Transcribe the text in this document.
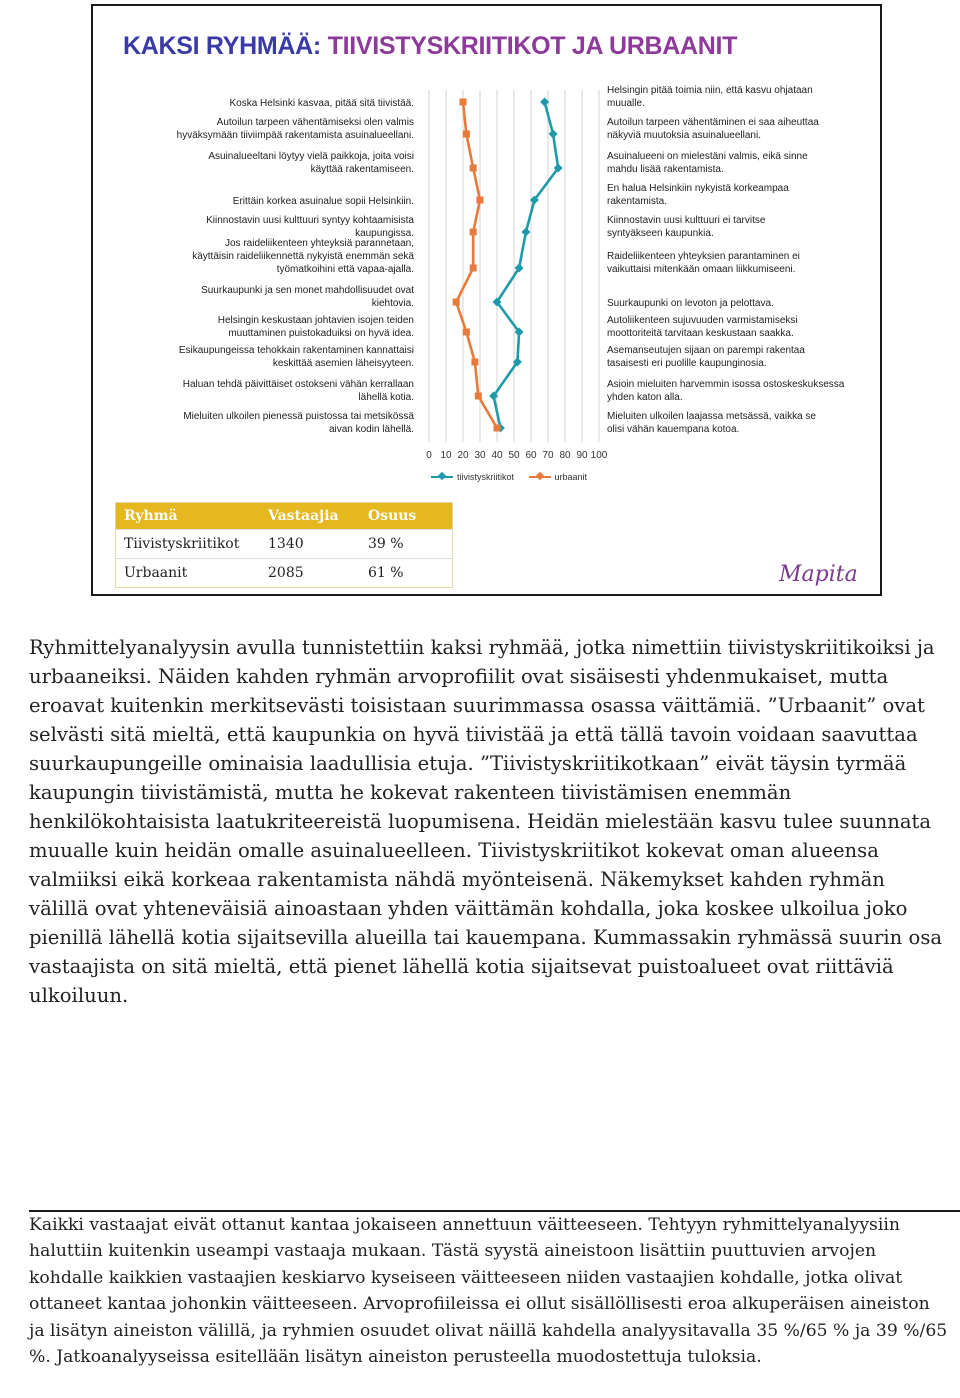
KAKSI RYHMÄÄ: TIIVISTYSKRIITIKOT JA URBAANIT
0 10 20 30 40 50 60 70 80 90 100
Koska Helsinki kasvaa, pitää sitä tiivistää.
Autoilun tarpeen vähentämiseksi olen valmis
hyväksymään tiiviimpää rakentamista asuinalueellani.
Asuinalueeltani löytyy vielä paikkoja, joita voisi
käyttää rakentamiseen.
Erittäin korkea asuinalue sopii Helsinkiin.
Kiinnostavin uusi kulttuuri syntyy kohtaamisista
kaupungissa.
Jos raideliikenteen yhteyksiä parannetaan,
käyttäisin raideliikennettä nykyistä enemmän sekä
työmatkoihini että vapaa-ajalla.
Suurkaupunki ja sen monet mahdollisuudet ovat
kiehtovia.
Helsingin keskustaan johtavien isojen teiden
muuttaminen puistokaduiksi on hyvä idea.
Esikaupungeissa tehokkain rakentaminen kannattaisi
keskittää asemien läheisyyteen.
Haluan tehdä päivittäiset ostokseni vähän kerrallaan
lähellä kotia.
Mieluiten ulkoilen pienessä puistossa tai metsikössä
aivan kodin lähellä.
Helsingin pitää toimia niin, että kasvu ohjataan
muualle.
Autoilun tarpeen vähentäminen ei saa aiheuttaa
näkyviä muutoksia asuinalueellani.
Asuinalueeni on mielestäni valmis, eikä sinne
mahdu lisää rakentamista.
En halua Helsinkiin nykyistä korkeampaa
rakentamista.
Kiinnostavin uusi kulttuuri ei tarvitse
syntyäkseen kaupunkia.
Raideliikenteen yhteyksien parantaminen ei
vaikuttaisi mitenkään omaan liikkumiseeni.
Suurkaupunki on levoton ja pelottava.
Autoliikenteen sujuvuuden varmistamiseksi
moottoriteitä tarvitaan keskustaan saakka.
Asemanseutujen sijaan on parempi rakentaa
tasaisesti eri puolille kaupunginosia.
Asioin mieluiten harvemmin isossa ostoskeskuksessa
yhden katon alla.
Mieluiten ulkoilen laajassa metsässä, vaikka se
olisi vähän kauempana kotoa.
tiivistyskriitikot
	urbaanit
Ryhmä	Vastaajia	Osuus
Tiivistyskriitikot	1340	39 %
Urbaanit	2085	61 %	Mapita

Ryhmittelyanalyysin avulla tunnistettiin kaksi ryhmää, jotka nimettiin tiivistyskriitikoiksi ja urbaaneiksi. Näiden kahden ryhmän arvoprofiilit ovat sisäisesti yhdenmukaiset, mutta eroavat kuitenkin merkitsevästi toisistaan suurimmassa osassa väittämiä. ”Urbaanit” ovat selvästi sitä mieltä, että kaupunkia on hyvä tiivistää ja että tällä tavoin voidaan saavuttaa suurkaupungeille ominaisia laadullisia etuja. ”Tiivistyskriitikotkaan” eivät täysin tyrmää kaupungin tiivistämistä, mutta he kokevat rakenteen tiivistämisen enemmän henkilökohtaisista laatukriteereistä luopumisena. Heidän mielestään kasvu tulee suunnata muualle kuin heidän omalle asuinalueelleen. Tiivistyskriitikot kokevat oman alueensa valmiiksi eikä korkeaa rakentamista nähdä myönteisenä. Näkemykset kahden ryhmän välillä ovat yhteneväisiä ainoastaan yhden väittämän kohdalla, joka koskee ulkoilua joko pienillä lähellä kotia sijaitsevilla alueilla tai kauempana. Kummassakin ryhmässä suurin osa vastaajista on sitä mieltä, että pienet lähellä kotia sijaitsevat puistoalueet ovat riittäviä ulkoiluun.

Kaikki vastaajat eivät ottanut kantaa jokaiseen annettuun väitteeseen. Tehtyyn ryhmittelyanalyysiin haluttiin kuitenkin useampi vastaaja mukaan. Tästä syystä aineistoon lisättiin puuttuvien arvojen kohdalle kaikkien vastaajien keskiarvo kyseiseen väitteeseen niiden vastaajien kohdalle, jotka olivat ottaneet kantaa johonkin väitteeseen. Arvoprofiileissa ei ollut sisällöllisesti eroa alkuperäisen aineiston ja lisätyn aineiston välillä, ja ryhmien osuudet olivat näillä kahdella analyysitavalla 35 %/65 % ja 39 %/65 %. Jatkoanalyyseissa esitellään lisätyn aineiston perusteella muodostettuja tuloksia.
